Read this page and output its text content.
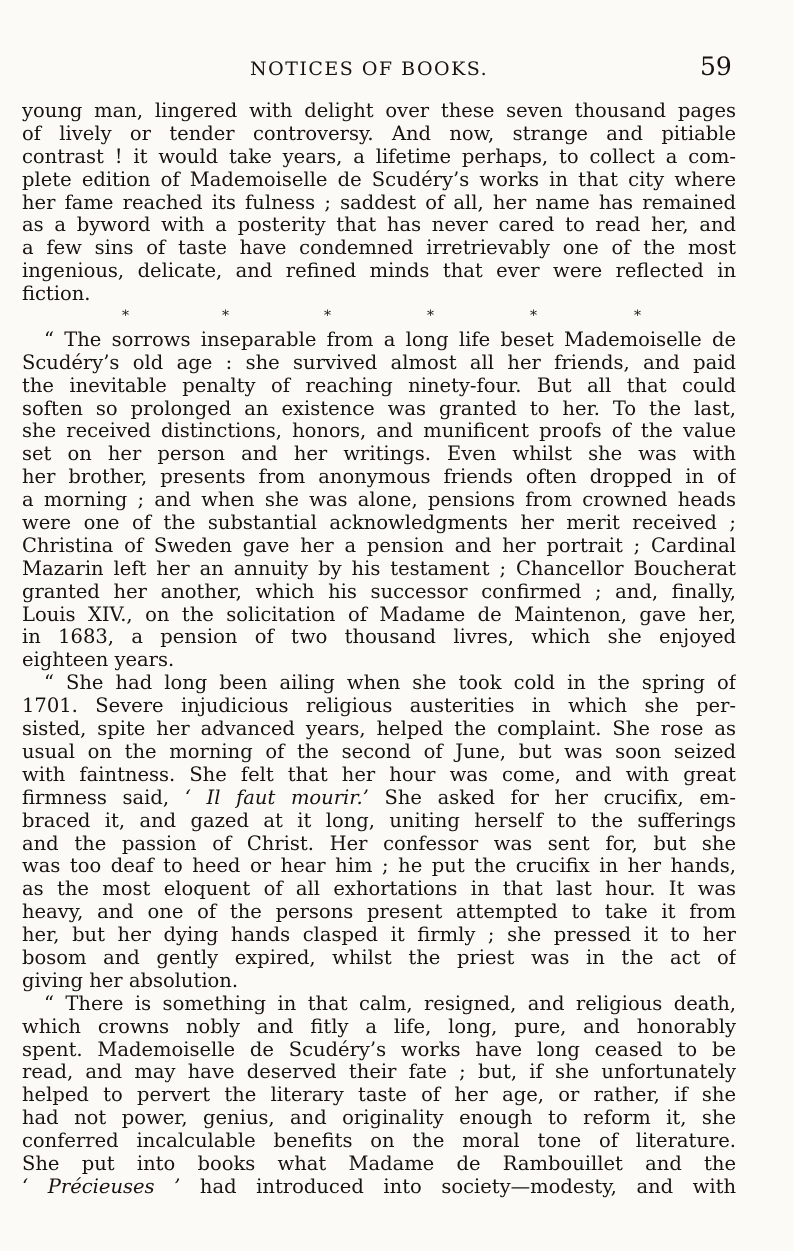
NOTICES OF BOOKS.	59
young man, lingered with delight over these seven thousand pages
of lively or tender controversy. And now, strange and pitiable
contrast ! it would take years, a lifetime perhaps, to collect a com-
plete edition of Mademoiselle de Scudéry’s works in that city where
her fame reached its fulness ; saddest of all, her name has remained
as a byword with a posterity that has never cared to read her, and
a few sins of taste have condemned irretrievably one of the most
ingenious, delicate, and refined minds that ever were reflected in
fiction.
*	*	*	*	*	*
“ The sorrows inseparable from a long life beset Mademoiselle de
Scudéry’s old age : she survived almost all her friends, and paid
the inevitable penalty of reaching ninety-four. But all that could
soften so prolonged an existence was granted to her. To the last,
she received distinctions, honors, and munificent proofs of the value
set on her person and her writings. Even whilst she was with
her brother, presents from anonymous friends often dropped in of
a morning ; and when she was alone, pensions from crowned heads
were one of the substantial acknowledgments her merit received ;
Christina of Sweden gave her a pension and her portrait ; Cardinal
Mazarin left her an annuity by his testament ; Chancellor Boucherat
granted her another, which his successor confirmed ; and, finally,
Louis XIV., on the solicitation of Madame de Maintenon, gave her,
in 1683, a pension of two thousand livres, which she enjoyed
eighteen years.
“ She had long been ailing when she took cold in the spring of
1701. Severe injudicious religious austerities in which she per-
sisted, spite her advanced years, helped the complaint. She rose as
usual on the morning of the second of June, but was soon seized
with faintness. She felt that her hour was come, and with great
firmness said, ‘ Il faut mourir.’ She asked for her crucifix, em-
braced it, and gazed at it long, uniting herself to the sufferings
and the passion of Christ. Her confessor was sent for, but she
was too deaf to heed or hear him ; he put the crucifix in her hands,
as the most eloquent of all exhortations in that last hour. It was
heavy, and one of the persons present attempted to take it from
her, but her dying hands clasped it firmly ; she pressed it to her
bosom and gently expired, whilst the priest was in the act of
giving her absolution.
“ There is something in that calm, resigned, and religious death,
which crowns nobly and fitly a life, long, pure, and honorably
spent. Mademoiselle de Scudéry’s works have long ceased to be
read, and may have deserved their fate ; but, if she unfortunately
helped to pervert the literary taste of her age, or rather, if she
had not power, genius, and originality enough to reform it, she
conferred incalculable benefits on the moral tone of literature.
She put into books what Madame de Rambouillet and the
‘ Précieuses ’ had introduced into society—modesty, and with
